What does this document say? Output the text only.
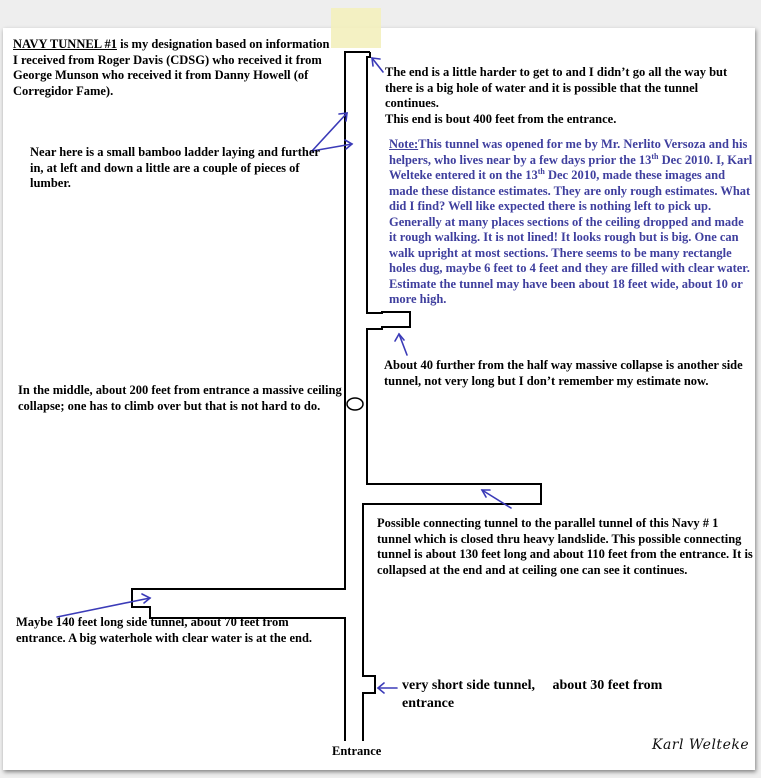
NAVY TUNNEL #1 is my designation based on information I received from Roger Davis (CDSG) who received it from George Munson who received it from Danny Howell (of Corregidor Fame).

The end is a little harder to get to and I didn’t go all the way but there is a big hole of water and it is possible that the tunnel continues.

This end is bout 400 feet from the entrance.

Near here is a small bamboo ladder laying and further in, at left and down a little are a couple of pieces of lumber.

Note:This tunnel was opened for me by Mr. Nerlito Versoza and his helpers, who lives near by a few days prior the 13th Dec 2010. I, Karl Welteke entered it on the 13th Dec 2010, made these images and made these distance estimates. They are only rough estimates. What did I find? Well like expected there is nothing left to pick up. Generally at many places sections of the ceiling dropped and made it rough walking. It is not lined! It looks rough but is big. One can walk upright at most sections. There seems to be many rectangle holes dug, maybe 6 feet to 4 feet and they are filled with clear water. Estimate the tunnel may have been about 18 feet wide, about 10 or more high.

About 40 further from the half way massive collapse is another side tunnel, not very long but I don’t remember my estimate now.

In the middle, about 200 feet from entrance a massive ceiling collapse; one has to climb over but that is not hard to do.

Possible connecting tunnel to the parallel tunnel of this Navy # 1 tunnel which is closed thru heavy landslide. This possible connecting tunnel is about 130 feet long and about 110 feet from the entrance. It is collapsed at the end and at ceiling one can see it continues.

Maybe 140 feet long side tunnel, about 70 feet from entrance. A big waterhole with clear water is at the end.

very short side tunnel, about 30 feet from
entrance

Entrance	Karl Welteke
